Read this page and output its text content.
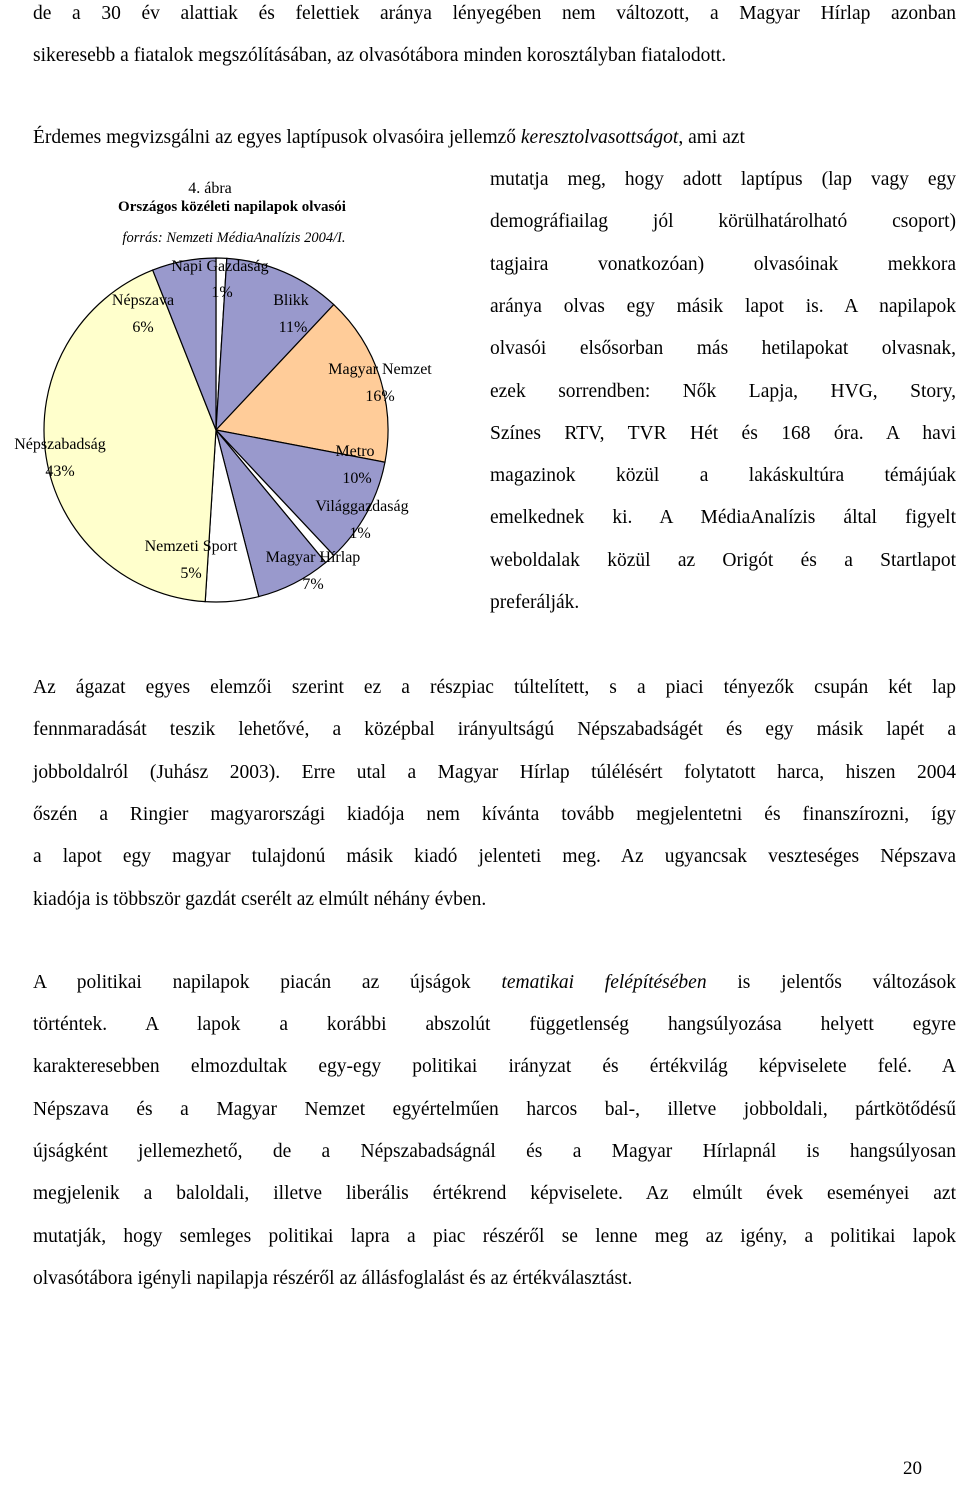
de a 30 év alattiak és felettiek aránya lényegében nem változott, a Magyar Hírlap azonban
sikeresebb a fiatalok megszólításában, az olvasótábora minden korosztályban fiatalodott.
Érdemes megvizsgálni az egyes laptípusok olvasóira jellemző keresztolvasottságot, ami azt
mutatja meg, hogy adott laptípus (lap vagy egy
demográfiailag jól körülhatárolható csoport)
tagjaira vonatkozóan) olvasóinak mekkora
aránya olvas egy másik lapot is. A napilapok
olvasói elsősorban más hetilapokat olvasnak,
ezek sorrendben: Nők Lapja, HVG, Story,
Színes RTV, TVR Hét és 168 óra. A havi
magazinok közül a lakáskultúra témájúak
emelkednek ki. A MédiaAnalízis által figyelt
weboldalak közül az Origót és a Startlapot
preferálják.
4. ábra
Országos közéleti napilapok olvasói
forrás: Nemzeti MédiaAnalízis 2004/I.
Napi Gazdaság
1%	Blikk
11%
Magyar Nemzet
16%
Metro
10%
Világgazdaság
1%
Magyar Hírlap
7%
Nemzeti Sport
5%
Népszabadság
43%
Népszava
6%
Az ágazat egyes elemzői szerint ez a részpiac túltelített, s a piaci tényezők csupán két lap
fennmaradását teszik lehetővé, a középbal irányultságú Népszabadságét és egy másik lapét a
jobboldalról (Juhász 2003). Erre utal a Magyar Hírlap túlélésért folytatott harca, hiszen 2004
őszén a Ringier magyarországi kiadója nem kívánta tovább megjelentetni és finanszírozni, így
a lapot egy magyar tulajdonú másik kiadó jelenteti meg. Az ugyancsak veszteséges Népszava
kiadója is többször gazdát cserélt az elmúlt néhány évben.
A politikai napilapok piacán az újságok tematikai felépítésében is jelentős változások
történtek. A lapok a korábbi abszolút függetlenség hangsúlyozása helyett egyre
karakteresebben elmozdultak egy-egy politikai irányzat és értékvilág képviselete felé. A
Népszava és a Magyar Nemzet egyértelműen harcos bal-, illetve jobboldali, pártkötődésű
újságként jellemezhető, de a Népszabadságnál és a Magyar Hírlapnál is hangsúlyosan
megjelenik a baloldali, illetve liberális értékrend képviselete. Az elmúlt évek eseményei azt
mutatják, hogy semleges politikai lapra a piac részéről se lenne meg az igény, a politikai lapok
olvasótábora igényli napilapja részéről az állásfoglalást és az értékválasztást.
20
